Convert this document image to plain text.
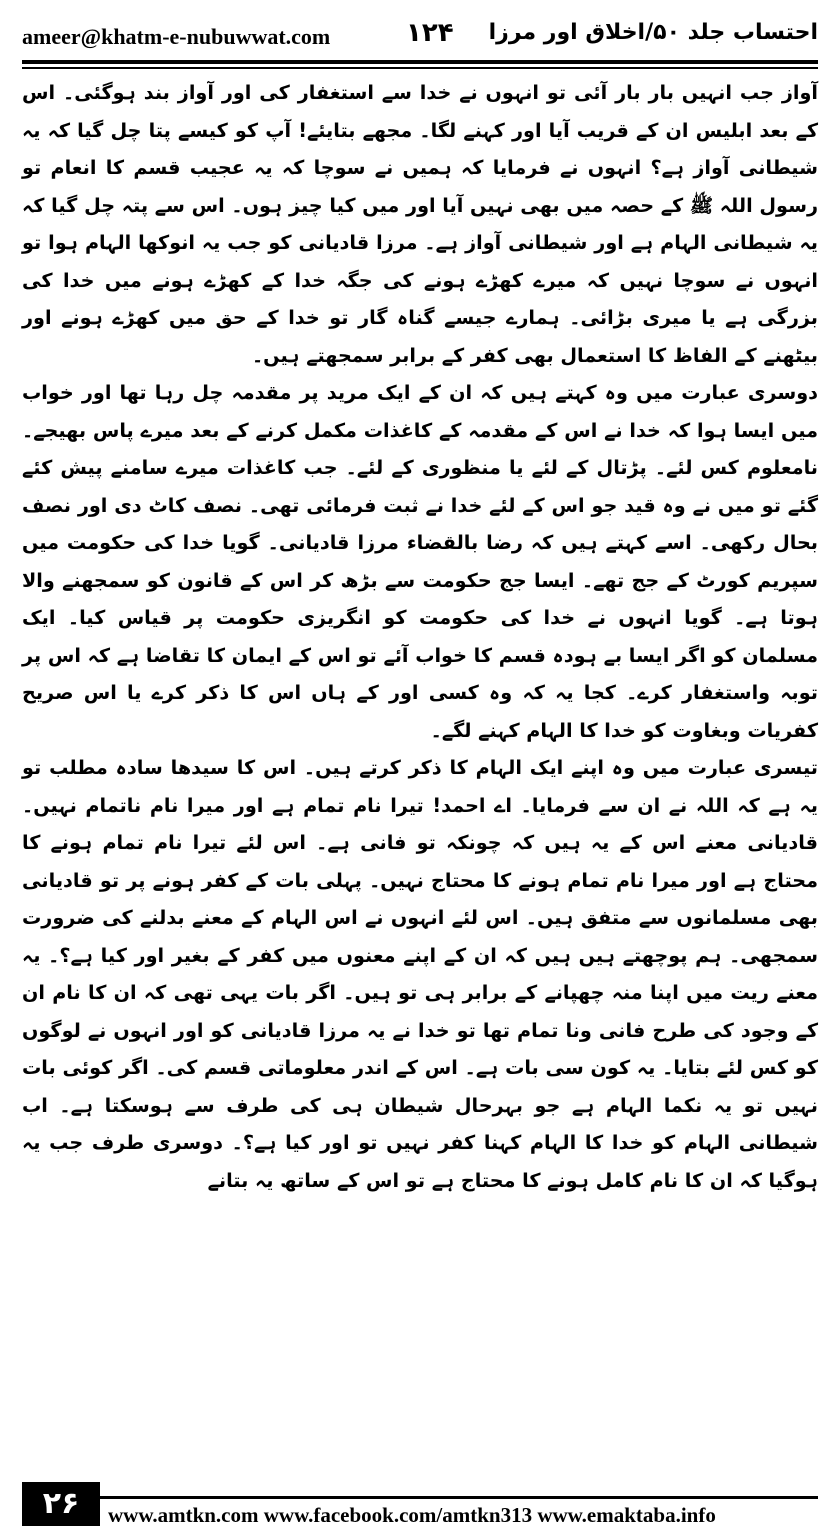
ameer@khatm-e-nubuwwat.com	۱۲۴ احتساب جلد ۵۰/اخلاق اور مرزا

آواز جب انہیں بار بار آئی تو انہوں نے خدا سے استغفار کی اور آواز بند ہوگئی۔ اس کے بعد ابلیس ان کے قریب آیا اور کہنے لگا۔ مجھے بتایئے! آپ کو کیسے پتا چل گیا کہ یہ شیطانی آواز ہے؟ انہوں نے فرمایا کہ ہمیں نے سوچا کہ یہ عجیب قسم کا انعام تو رسول اللہ ﷺ کے حصہ میں بھی نہیں آیا اور میں کیا چیز ہوں۔ اس سے پتہ چل گیا کہ یہ شیطانی الہام ہے اور شیطانی آواز ہے۔ مرزا قادیانی کو جب یہ انوکھا الہام ہوا تو انہوں نے سوچا نہیں کہ میرے کھڑے ہونے کی جگہ خدا کے کھڑے ہونے میں خدا کی بزرگی ہے یا میری بڑائی۔ ہمارے جیسے گناہ گار تو خدا کے حق میں کھڑے ہونے اور بیٹھنے کے الفاظ کا استعمال بھی کفر کے برابر سمجھتے ہیں۔

دوسری عبارت میں وہ کہتے ہیں کہ ان کے ایک مرید پر مقدمہ چل رہا تھا اور خواب میں ایسا ہوا کہ خدا نے اس کے مقدمہ کے کاغذات مکمل کرنے کے بعد میرے پاس بھیجے۔ نامعلوم کس لئے۔ پڑتال کے لئے یا منظوری کے لئے۔ جب کاغذات میرے سامنے پیش کئے گئے تو میں نے وہ قید جو اس کے لئے خدا نے ثبت فرمائی تھی۔ نصف کاٹ دی اور نصف بحال رکھی۔ اسے کہتے ہیں کہ رضا بالقضاء مرزا قادیانی۔ گویا خدا کی حکومت میں سپریم کورٹ کے جج تھے۔ ایسا جج حکومت سے بڑھ کر اس کے قانون کو سمجھنے والا ہوتا ہے۔ گویا انہوں نے خدا کی حکومت کو انگریزی حکومت پر قیاس کیا۔ ایک مسلمان کو اگر ایسا بے ہودہ قسم کا خواب آئے تو اس کے ایمان کا تقاضا ہے کہ اس پر توبہ واستغفار کرے۔ کجا یہ کہ وہ کسی اور کے ہاں اس کا ذکر کرے یا اس صریح کفریات وبغاوت کو خدا کا الہام کہنے لگے۔

تیسری عبارت میں وہ اپنے ایک الہام کا ذکر کرتے ہیں۔ اس کا سیدھا سادہ مطلب تو یہ ہے کہ اللہ نے ان سے فرمایا۔ اے احمد! تیرا نام تمام ہے اور میرا نام ناتمام نہیں۔ قادیانی معنے اس کے یہ ہیں کہ چونکہ تو فانی ہے۔ اس لئے تیرا نام تمام ہونے کا محتاج ہے اور میرا نام تمام ہونے کا محتاج نہیں۔ پہلی بات کے کفر ہونے پر تو قادیانی بھی مسلمانوں سے متفق ہیں۔ اس لئے انہوں نے اس الہام کے معنے بدلنے کی ضرورت سمجھی۔ ہم پوچھتے ہیں ہیں کہ ان کے اپنے معنوں میں کفر کے بغیر اور کیا ہے؟۔ یہ معنے ریت میں اپنا منہ چھپانے کے برابر ہی تو ہیں۔ اگر بات یہی تھی کہ ان کا نام ان کے وجود کی طرح فانی ونا تمام تھا تو خدا نے یہ مرزا قادیانی کو اور انہوں نے لوگوں کو کس لئے بتایا۔ یہ کون سی بات ہے۔ اس کے اندر معلوماتی قسم کی۔ اگر کوئی بات نہیں تو یہ نکما الہام ہے جو بہرحال شیطان ہی کی طرف سے ہوسکتا ہے۔ اب شیطانی الہام کو خدا کا الہام کہنا کفر نہیں تو اور کیا ہے؟۔ دوسری طرف جب یہ ہوگیا کہ ان کا نام کامل ہونے کا محتاج ہے تو اس کے ساتھ یہ بتانے

۲۶	www.amtkn.com www.facebook.com/amtkn313 www.emaktaba.info
